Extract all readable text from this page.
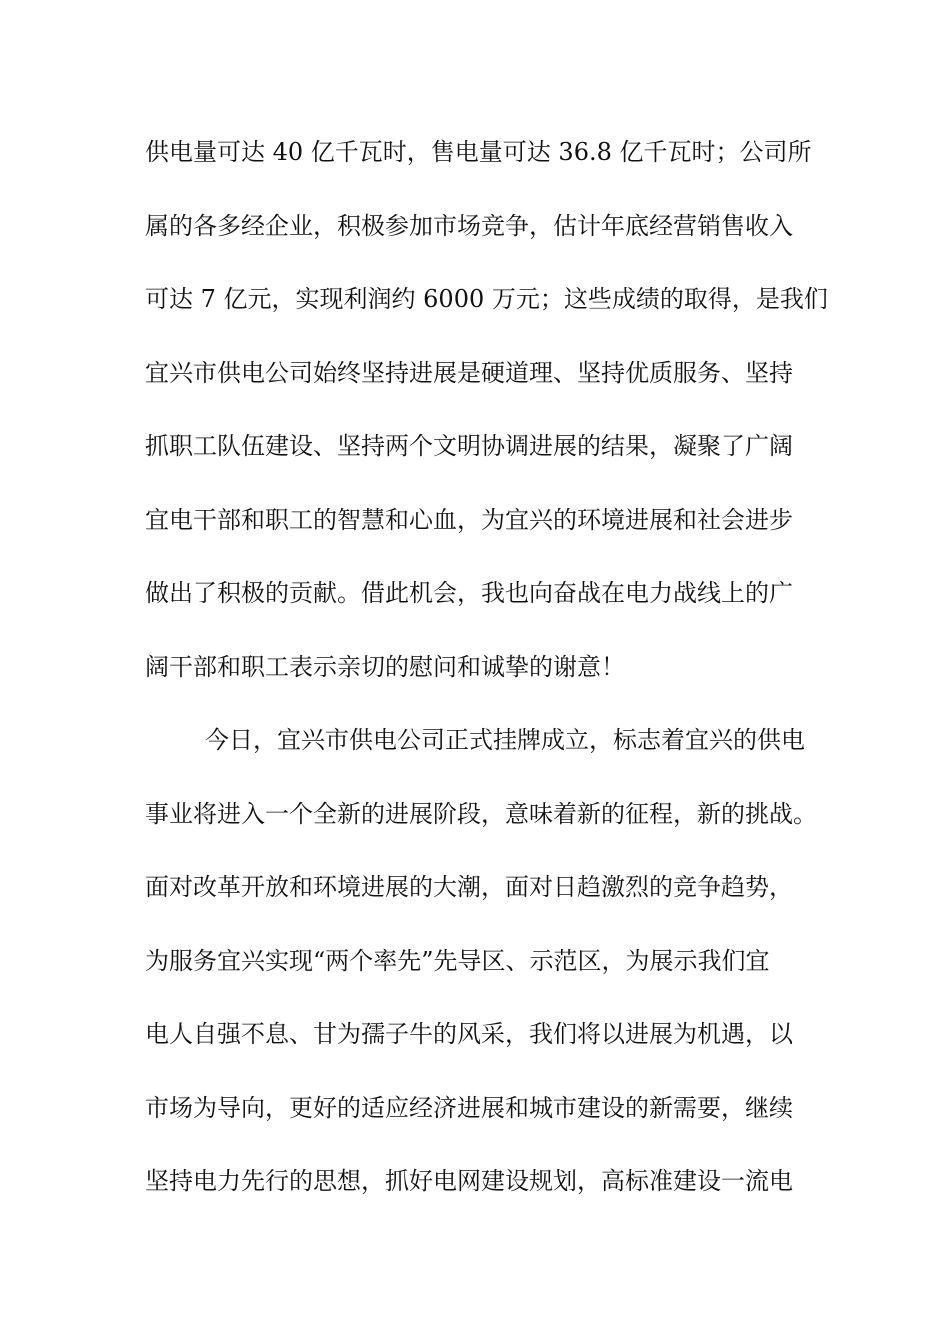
供电量可达 40 亿千瓦时，售电量可达 36.8 亿千瓦时；公司所
属的各多经企业，积极参加市场竞争，估计年底经营销售收入
可达 7 亿元，实现利润约 6000 万元；这些成绩的取得，是我们
宜兴市供电公司始终坚持进展是硬道理、坚持优质服务、坚持
抓职工队伍建设、坚持两个文明协调进展的结果，凝聚了广阔
宜电干部和职工的智慧和心血，为宜兴的环境进展和社会进步
做出了积极的贡献。借此机会，我也向奋战在电力战线上的广
阔干部和职工表示亲切的慰问和诚挚的谢意！
今日，宜兴市供电公司正式挂牌成立，标志着宜兴的供电
事业将进入一个全新的进展阶段，意味着新的征程，新的挑战。
面对改革开放和环境进展的大潮，面对日趋激烈的竞争趋势，
为服务宜兴实现“两个率先”先导区、示范区，为展示我们宜
电人自强不息、甘为孺子牛的风采，我们将以进展为机遇，以
市场为导向，更好的适应经济进展和城市建设的新需要，继续
坚持电力先行的思想，抓好电网建设规划，高标准建设一流电
